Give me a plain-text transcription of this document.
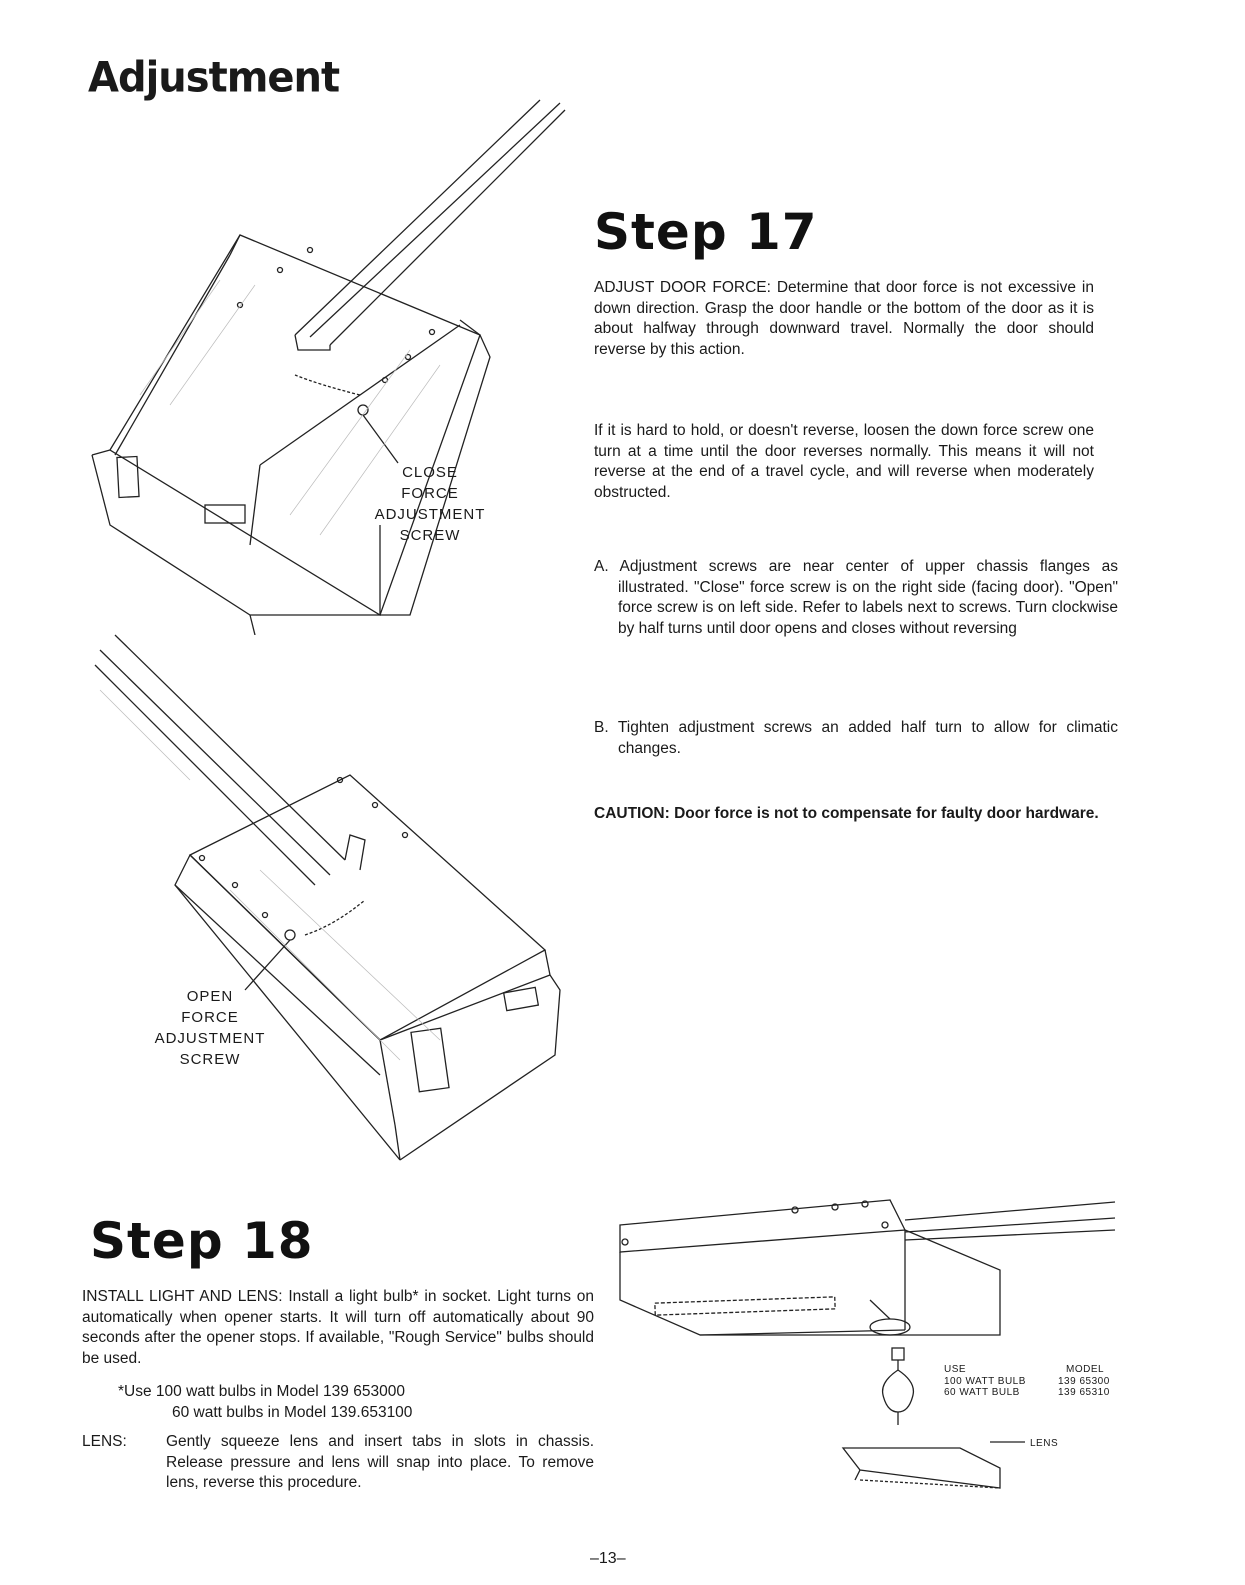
Adjustment
CLOSE
FORCE
ADJUSTMENT
SCREW
OPEN
FORCE
ADJUSTMENT
SCREW
Step 17
ADJUST DOOR FORCE: Determine that door force is not excessive in down direction. Grasp the door handle or the bottom of the door as it is about halfway through downward travel. Normally the door should reverse by this action.
If it is hard to hold, or doesn't reverse, loosen the down force screw one turn at a time until the door reverses normally. This means it will not reverse at the end of a travel cycle, and will reverse when moderately obstructed.
A. Adjustment screws are near center of upper chassis flanges as illustrated. "Close" force screw is on the right side (facing door). "Open" force screw is on left side. Refer to labels next to screws. Turn clockwise by half turns until door opens and closes without reversing
B. Tighten adjustment screws an added half turn to allow for climatic changes.
CAUTION: Door force is not to compensate for faulty door hardware.
Step 18
INSTALL LIGHT AND LENS: Install a light bulb* in socket. Light turns on automatically when opener starts. It will turn off automatically about 90 seconds after the opener stops. If available, "Rough Service" bulbs should be used.
*Use 100 watt bulbs in Model 139 653000
60 watt bulbs in Model 139.653100
LENS:	Gently squeeze lens and insert tabs in slots in chassis. Release pressure and lens will snap into place. To remove lens, reverse this procedure.
USE	MODEL
100 WATT BULB
60 WATT BULB
139 65300
139 65310
LENS
–13–
